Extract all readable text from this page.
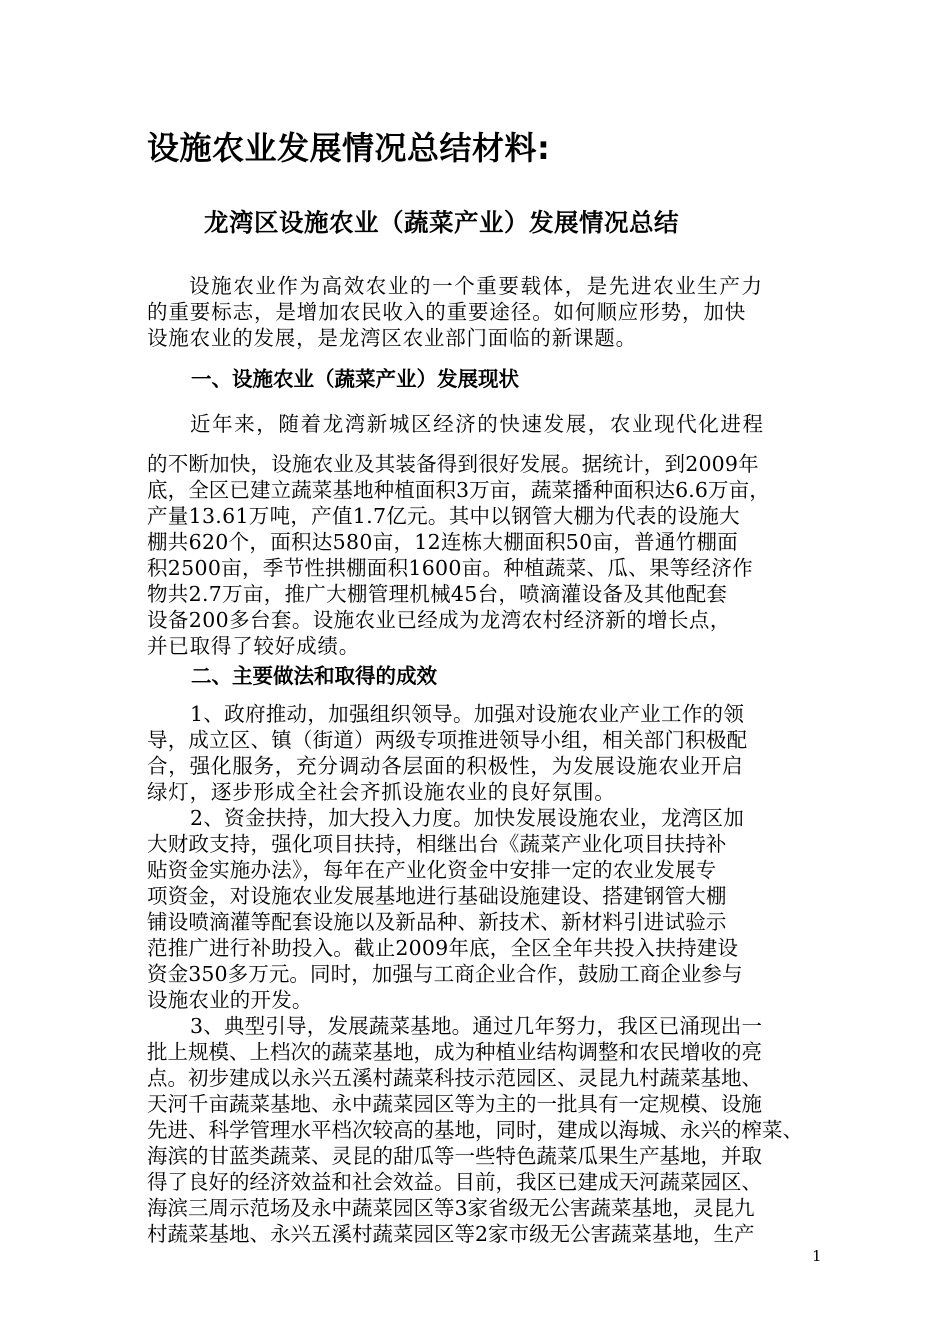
设施农业发展情况总结材料:
龙湾区设施农业（蔬菜产业）发展情况总结

设施农业作为高效农业的一个重要载体，是先进农业生产力

的重要标志，是增加农民收入的重要途径。如何顺应形势，加快

设施农业的发展，是龙湾区农业部门面临的新课题。

一、设施农业（蔬菜产业）发展现状

近年来，随着龙湾新城区经济的快速发展，农业现代化进程

的不断加快，设施农业及其装备得到很好发展。据统计，到2009年

底，全区已建立蔬菜基地种植面积3万亩，蔬菜播种面积达6.6万亩，

产量13.61万吨，产值1.7亿元。其中以钢管大棚为代表的设施大

棚共620个，面积达580亩，12连栋大棚面积50亩，普通竹棚面

积2500亩，季节性拱棚面积1600亩。种植蔬菜、瓜、果等经济作

物共2.7万亩，推广大棚管理机械45台，喷滴灌设备及其他配套

设备200多台套。设施农业已经成为龙湾农村经济新的增长点，

并已取得了较好成绩。

二、主要做法和取得的成效

1、政府推动，加强组织领导。加强对设施农业产业工作的领

导，成立区、镇（街道）两级专项推进领导小组，相关部门积极配

合，强化服务，充分调动各层面的积极性，为发展设施农业开启

绿灯，逐步形成全社会齐抓设施农业的良好氛围。

2、资金扶持，加大投入力度。加快发展设施农业，龙湾区加

大财政支持，强化项目扶持，相继出台《蔬菜产业化项目扶持补

贴资金实施办法》，每年在产业化资金中安排一定的农业发展专

项资金，对设施农业发展基地进行基础设施建设、搭建钢管大棚

铺设喷滴灌等配套设施以及新品种、新技术、新材料引进试验示

范推广进行补助投入。截止2009年底，全区全年共投入扶持建设

资金350多万元。同时，加强与工商企业合作，鼓励工商企业参与

设施农业的开发。

3、典型引导，发展蔬菜基地。通过几年努力，我区已涌现出一

批上规模、上档次的蔬菜基地，成为种植业结构调整和农民增收的亮

点。初步建成以永兴五溪村蔬菜科技示范园区、灵昆九村蔬菜基地、

天河千亩蔬菜基地、永中蔬菜园区等为主的一批具有一定规模、设施

先进、科学管理水平档次较高的基地，同时，建成以海城、永兴的榨菜、

海滨的甘蓝类蔬菜、灵昆的甜瓜等一些特色蔬菜瓜果生产基地，并取

得了良好的经济效益和社会效益。目前，我区已建成天河蔬菜园区、

海滨三周示范场及永中蔬菜园区等3家省级无公害蔬菜基地，灵昆九

村蔬菜基地、永兴五溪村蔬菜园区等2家市级无公害蔬菜基地，生产

1
